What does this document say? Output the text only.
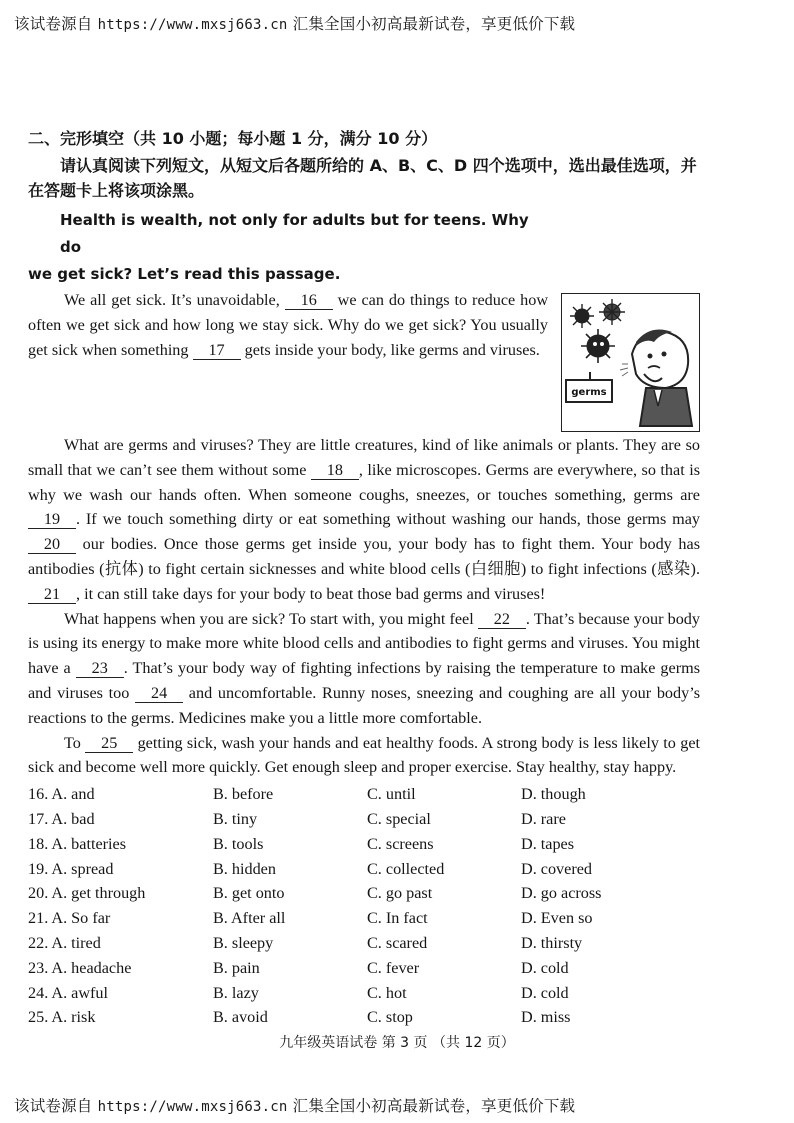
该试卷源自 https://www.mxsj663.cn 汇集全国小初高最新试卷，享更低价下载
二、完形填空（共 10 小题；每小题 1 分，满分 10 分）
请认真阅读下列短文，从短文后各题所给的 A、B、C、D 四个选项中，选出最佳选项，并在答题卡上将该项涂黑。
Health is wealth, not only for adults but for teens. Why do
we get sick? Let’s read this passage.

We all get sick. It’s unavoidable, 16 we can do things to reduce how often we get sick and how long we stay sick. Why do we get sick? You usually get sick when something 17 gets inside your body, like germs and viruses.

germs

What are germs and viruses? They are little creatures, kind of like animals or plants. They are so small that we can’t see them without some 18 , like microscopes. Germs are everywhere, so that is why we wash our hands often. When someone coughs, sneezes, or touches something, germs are 19 . If we touch something dirty or eat something without washing our hands, those germs may 20 our bodies. Once those germs get inside you, your body has to fight them. Your body has antibodies (抗体) to fight certain sicknesses and white blood cells (白细胞) to fight infections (感染). 21 , it can still take days for your body to beat those bad germs and viruses!

What happens when you are sick? To start with, you might feel 22 . That’s because your body is using its energy to make more white blood cells and antibodies to fight germs and viruses. You might have a 23 . That’s your body way of fighting infections by raising the temperature to make germs and viruses too 24 and uncomfortable. Runny noses, sneezing and coughing are all your body’s reactions to the germs. Medicines make you a little more comfortable.

To 25 getting sick, wash your hands and eat healthy foods. A strong body is less likely to get sick and become well more quickly. Get enough sleep and proper exercise. Stay healthy, stay happy.

16. A. and	B. before	C. until	D. though
17. A. bad	B. tiny	C. special	D. rare
18. A. batteries	B. tools	C. screens	D. tapes
19. A. spread	B. hidden	C. collected	D. covered
20. A. get through	B. get onto	C. go past	D. go across
21. A. So far	B. After all	C. In fact	D. Even so
22. A. tired	B. sleepy	C. scared	D. thirsty
23. A. headache	B. pain	C. fever	D. cold
24. A. awful	B. lazy	C. hot	D. cold
25. A. risk	B. avoid	C. stop	D. miss
九年级英语试卷 第 3 页 （共 12 页）
该试卷源自 https://www.mxsj663.cn 汇集全国小初高最新试卷，享更低价下载
